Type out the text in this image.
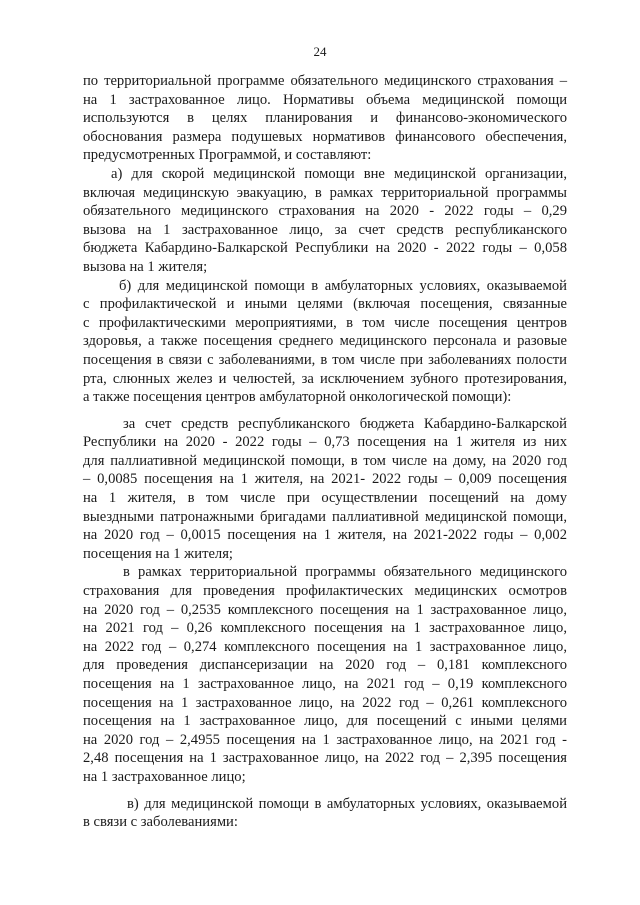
24
по территориальной программе обязательного медицинского страхования –
на 1 застрахованное лицо. Нормативы объема медицинской помощи
используются в целях планирования и финансово-экономического
обоснования размера подушевых нормативов финансового обеспечения,
предусмотренных Программой, и составляют:
а) для скорой медицинской помощи вне медицинской организации,
включая медицинскую эвакуацию, в рамках территориальной программы
обязательного медицинского страхования на 2020 - 2022 годы – 0,29
вызова на 1 застрахованное лицо, за счет средств республиканского
бюджета Кабардино-Балкарской Республики на 2020 - 2022 годы – 0,058
вызова на 1 жителя;
б) для медицинской помощи в амбулаторных условиях, оказываемой
с профилактической и иными целями (включая посещения, связанные
с профилактическими мероприятиями, в том числе посещения центров
здоровья, а также посещения среднего медицинского персонала и разовые
посещения в связи с заболеваниями, в том числе при заболеваниях полости
рта, слюнных желез и челюстей, за исключением зубного протезирования,
а также посещения центров амбулаторной онкологической помощи):
за счет средств республиканского бюджета Кабардино-Балкарской
Республики на 2020 - 2022 годы – 0,73 посещения на 1 жителя из них
для паллиативной медицинской помощи, в том числе на дому, на 2020 год
– 0,0085 посещения на 1 жителя, на 2021- 2022 годы – 0,009 посещения
на 1 жителя, в том числе при осуществлении посещений на дому
выездными патронажными бригадами паллиативной медицинской помощи,
на 2020 год – 0,0015 посещения на 1 жителя, на 2021-2022 годы – 0,002
посещения на 1 жителя;
в рамках территориальной программы обязательного медицинского
страхования для проведения профилактических медицинских осмотров
на 2020 год – 0,2535 комплексного посещения на 1 застрахованное лицо,
на 2021 год – 0,26 комплексного посещения на 1 застрахованное лицо,
на 2022 год – 0,274 комплексного посещения на 1 застрахованное лицо,
для проведения диспансеризации на 2020 год – 0,181 комплексного
посещения на 1 застрахованное лицо, на 2021 год – 0,19 комплексного
посещения на 1 застрахованное лицо, на 2022 год – 0,261 комплексного
посещения на 1 застрахованное лицо, для посещений с иными целями
на 2020 год – 2,4955 посещения на 1 застрахованное лицо, на 2021 год -
2,48 посещения на 1 застрахованное лицо, на 2022 год – 2,395 посещения
на 1 застрахованное лицо;
в) для медицинской помощи в амбулаторных условиях, оказываемой
в связи с заболеваниями:
